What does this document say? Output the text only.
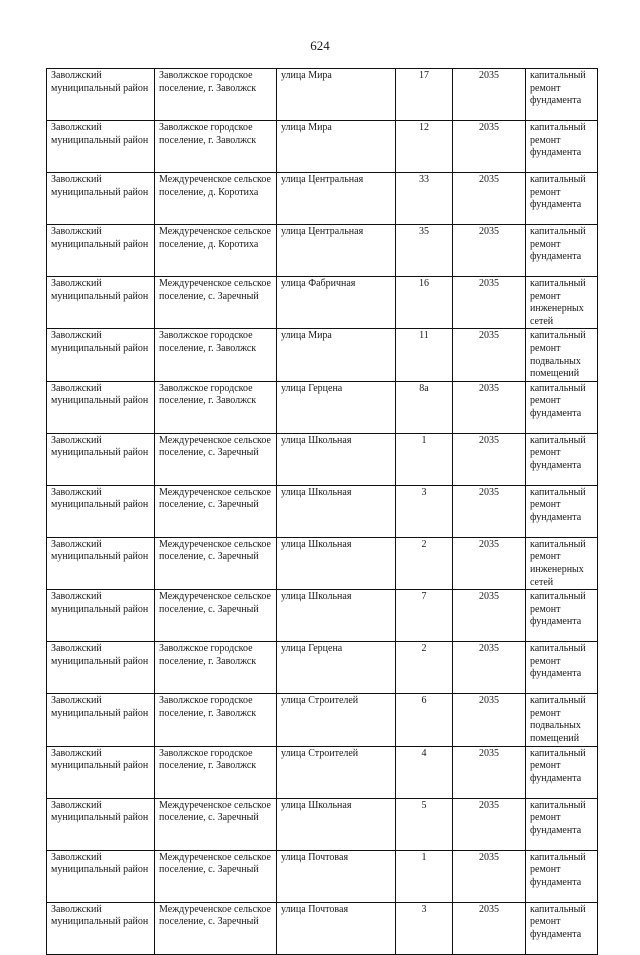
624
Заволжский муниципальный район	Заволжское городское поселение, г. Заволжск	улица Мира	17	2035	капитальный ремонт фундамента
Заволжский муниципальный район	Заволжское городское поселение, г. Заволжск	улица Мира	12	2035	капитальный ремонт фундамента
Заволжский муниципальный район	Междуреченское сельское поселение, д. Коротиха	улица Центральная	33	2035	капитальный ремонт фундамента
Заволжский муниципальный район	Междуреченское сельское поселение, д. Коротиха	улица Центральная	35	2035	капитальный ремонт фундамента
Заволжский муниципальный район	Междуреченское сельское поселение, с. Заречный	улица Фабричная	16	2035	капитальный ремонт инженерных сетей
Заволжский муниципальный район	Заволжское городское поселение, г. Заволжск	улица Мира	11	2035	капитальный ремонт подвальных помещений
Заволжский муниципальный район	Заволжское городское поселение, г. Заволжск	улица Герцена	8а	2035	капитальный ремонт фундамента
Заволжский муниципальный район	Междуреченское сельское поселение, с. Заречный	улица Школьная	1	2035	капитальный ремонт фундамента
Заволжский муниципальный район	Междуреченское сельское поселение, с. Заречный	улица Школьная	3	2035	капитальный ремонт фундамента
Заволжский муниципальный район	Междуреченское сельское поселение, с. Заречный	улица Школьная	2	2035	капитальный ремонт инженерных сетей
Заволжский муниципальный район	Междуреченское сельское поселение, с. Заречный	улица Школьная	7	2035	капитальный ремонт фундамента
Заволжский муниципальный район	Заволжское городское поселение, г. Заволжск	улица Герцена	2	2035	капитальный ремонт фундамента
Заволжский муниципальный район	Заволжское городское поселение, г. Заволжск	улица Строителей	6	2035	капитальный ремонт подвальных помещений
Заволжский муниципальный район	Заволжское городское поселение, г. Заволжск	улица Строителей	4	2035	капитальный ремонт фундамента
Заволжский муниципальный район	Междуреченское сельское поселение, с. Заречный	улица Школьная	5	2035	капитальный ремонт фундамента
Заволжский муниципальный район	Междуреченское сельское поселение, с. Заречный	улица Почтовая	1	2035	капитальный ремонт фундамента
Заволжский муниципальный район	Междуреченское сельское поселение, с. Заречный	улица Почтовая	3	2035	капитальный ремонт фундамента
